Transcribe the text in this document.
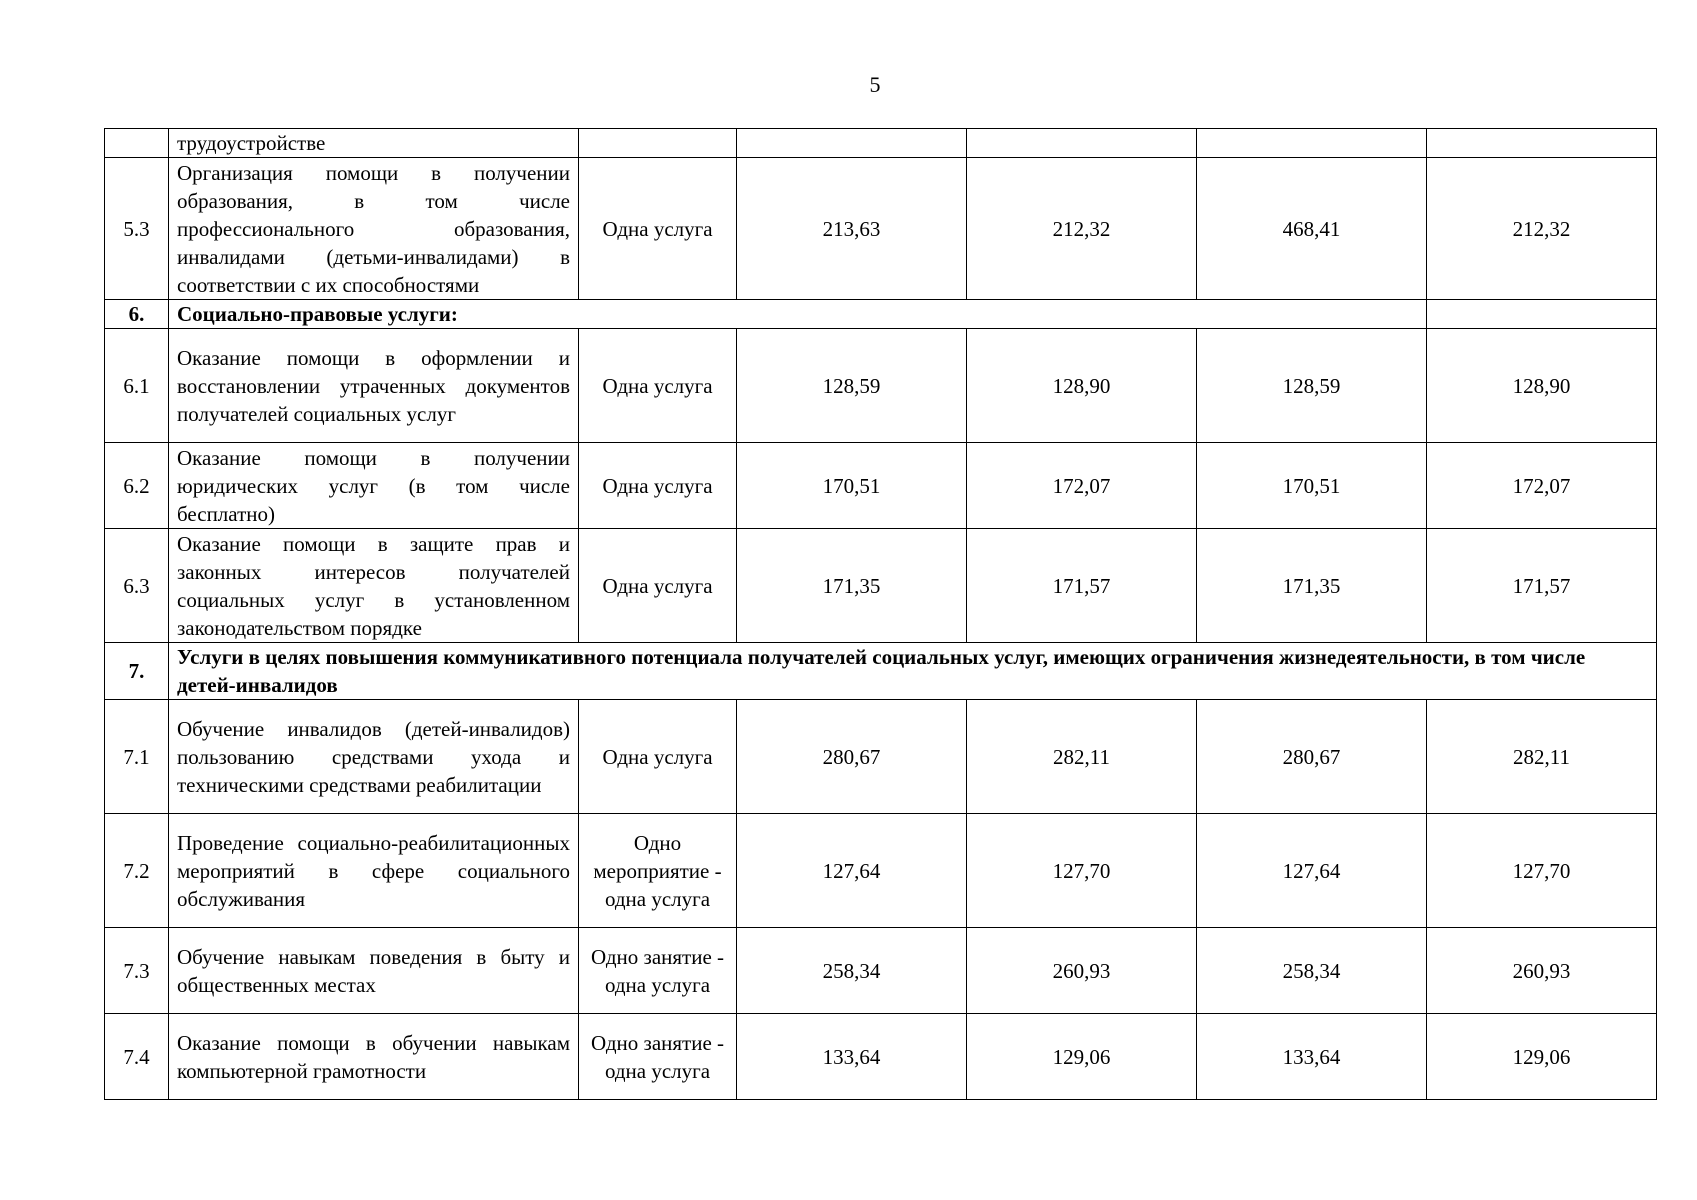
5
	трудоустройстве					
5.3	Организация помощи в получении образования, в том числе профессионального образования, инвалидами (детьми-инвалидами) в соответствии с их способностями	Одна услуга	213,63	212,32	468,41	212,32
6.	Социально-правовые услуги:					
6.1	Оказание помощи в оформлении и восстановлении утраченных документов получателей социальных услуг	Одна услуга	128,59	128,90	128,59	128,90
6.2	Оказание помощи в получении юридических услуг (в том числе бесплатно)	Одна услуга	170,51	172,07	170,51	172,07
6.3	Оказание помощи в защите прав и законных интересов получателей социальных услуг в установленном законодательством порядке	Одна услуга	171,35	171,57	171,35	171,57
7.	Услуги в целях повышения коммуникативного потенциала получателей социальных услуг, имеющих ограничения жизнедеятельности, в том числе детей-инвалидов					
7.1	Обучение инвалидов (детей-инвалидов) пользованию средствами ухода и техническими средствами реабилитации	Одна услуга	280,67	282,11	280,67	282,11
7.2	Проведение социально-реабилитационных мероприятий в сфере социального обслуживания	Одно мероприятие - одна услуга	127,64	127,70	127,64	127,70
7.3	Обучение навыкам поведения в быту и общественных местах	Одно занятие - одна услуга	258,34	260,93	258,34	260,93
7.4	Оказание помощи в обучении навыкам компьютерной грамотности	Одно занятие - одна услуга	133,64	129,06	133,64	129,06
